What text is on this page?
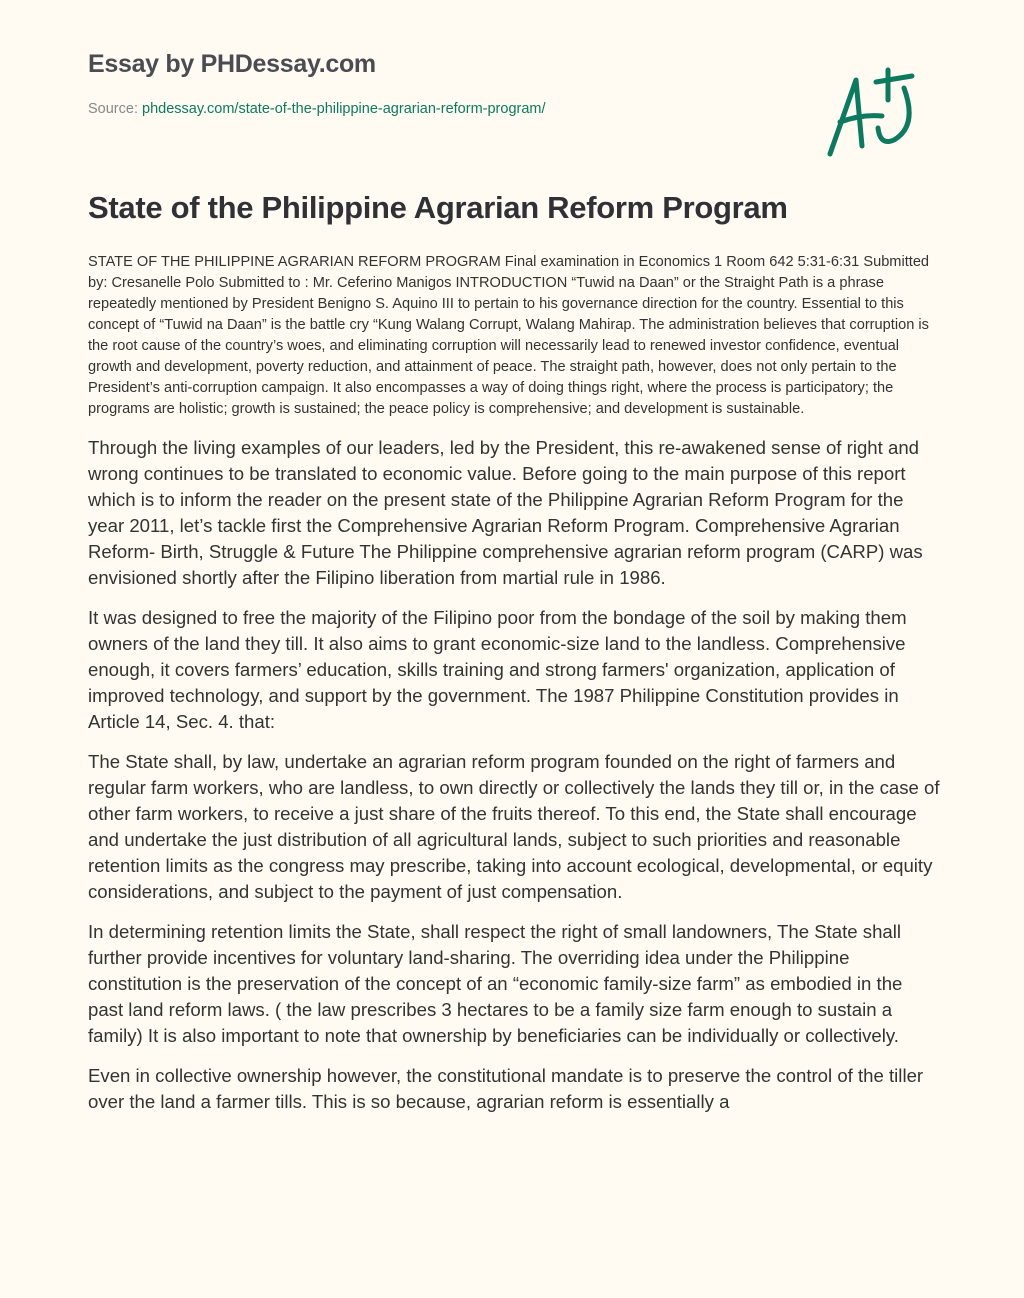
Essay by PHDessay.com
Source: phdessay.com/state-of-the-philippine-agrarian-reform-program/
State of the Philippine Agrarian Reform Program

STATE OF THE PHILIPPINE AGRARIAN REFORM PROGRAM Final examination in Economics 1 Room 642 5:31-6:31 Submitted by: Cresanelle Polo Submitted to : Mr. Ceferino Manigos INTRODUCTION “Tuwid na Daan” or the Straight Path is a phrase repeatedly mentioned by President Benigno S. Aquino III to pertain to his governance direction for the country. Essential to this concept of “Tuwid na Daan” is the battle cry “Kung Walang Corrupt, Walang Mahirap. The administration believes that corruption is the root cause of the country’s woes, and eliminating corruption will necessarily lead to renewed investor confidence, eventual growth and development, poverty reduction, and attainment of peace. The straight path, however, does not only pertain to the President’s anti-corruption campaign. It also encompasses a way of doing things right, where the process is participatory; the programs are holistic; growth is sustained; the peace policy is comprehensive; and development is sustainable.

Through the living examples of our leaders, led by the President, this re-awakened sense of right and wrong continues to be translated to economic value. Before going to the main purpose of this report which is to inform the reader on the present state of the Philippine Agrarian Reform Program for the year 2011, let’s tackle first the Comprehensive Agrarian Reform Program. Comprehensive Agrarian Reform- Birth, Struggle & Future The Philippine comprehensive agrarian reform program (CARP) was envisioned shortly after the Filipino liberation from martial rule in 1986.

It was designed to free the majority of the Filipino poor from the bondage of the soil by making them owners of the land they till. It also aims to grant economic-size land to the landless. Comprehensive enough, it covers farmers’ education, skills training and strong farmers' organization, application of improved technology, and support by the government. The 1987 Philippine Constitution provides in Article 14, Sec. 4. that:

The State shall, by law, undertake an agrarian reform program founded on the right of farmers and regular farm workers, who are landless, to own directly or collectively the lands they till or, in the case of other farm workers, to receive a just share of the fruits thereof. To this end, the State shall encourage and undertake the just distribution of all agricultural lands, subject to such priorities and reasonable retention limits as the congress may prescribe, taking into account ecological, developmental, or equity considerations, and subject to the payment of just compensation.

In determining retention limits the State, shall respect the right of small landowners, The State shall further provide incentives for voluntary land-sharing. The overriding idea under the Philippine constitution is the preservation of the concept of an “economic family-size farm” as embodied in the past land reform laws. ( the law prescribes 3 hectares to be a family size farm enough to sustain a family) It is also important to note that ownership by beneficiaries can be individually or collectively.

Even in collective ownership however, the constitutional mandate is to preserve the control of the tiller over the land a farmer tills. This is so because, agrarian reform is essentially a
